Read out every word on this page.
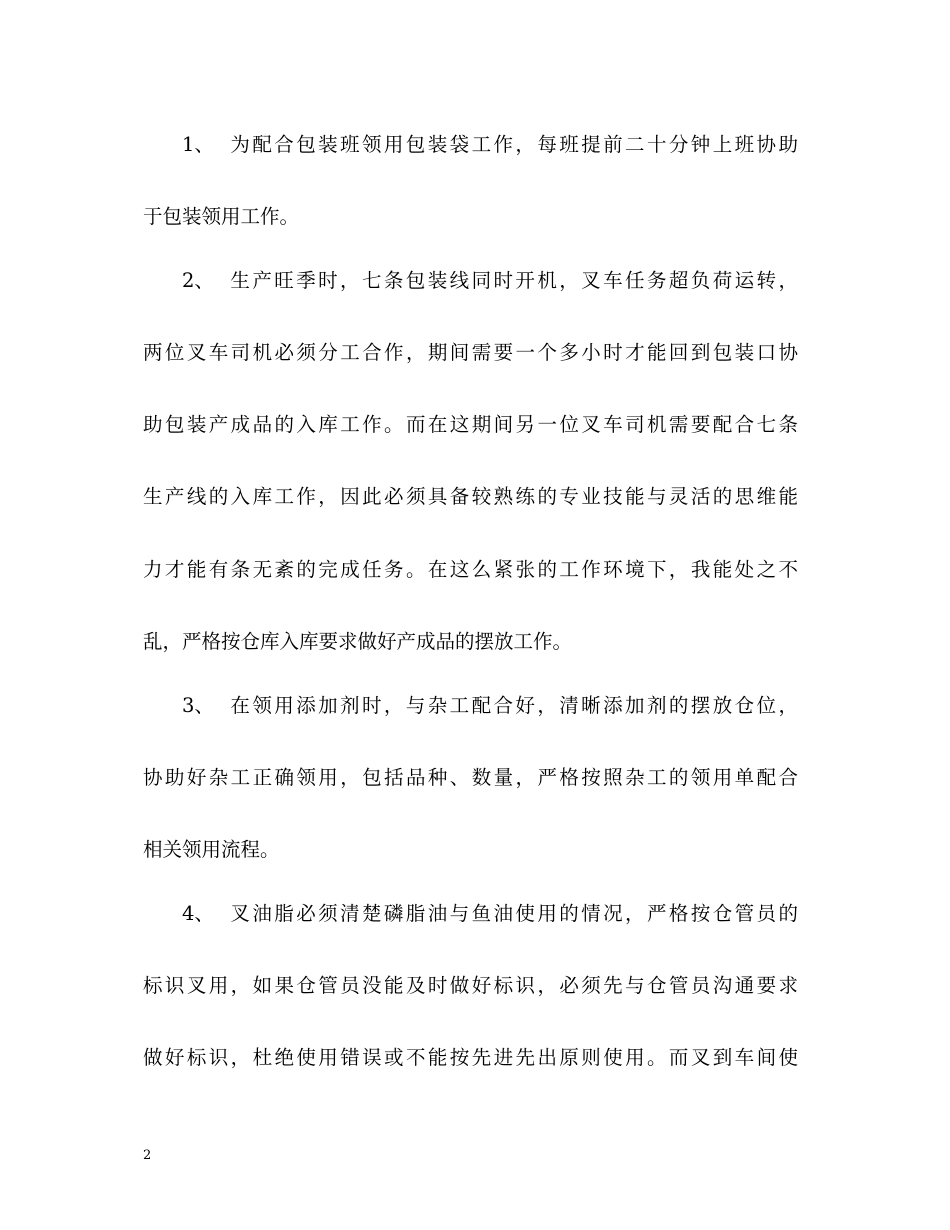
1、 为配合包装班领用包装袋工作，每班提前二十分钟上班协助
于包装领用工作。
2、 生产旺季时，七条包装线同时开机，叉车任务超负荷运转，
两位叉车司机必须分工合作，期间需要一个多小时才能回到包装口协
助包装产成品的入库工作。而在这期间另一位叉车司机需要配合七条
生产线的入库工作，因此必须具备较熟练的专业技能与灵活的思维能
力才能有条无紊的完成任务。在这么紧张的工作环境下，我能处之不
乱，严格按仓库入库要求做好产成品的摆放工作。
3、 在领用添加剂时，与杂工配合好，清晰添加剂的摆放仓位，
协助好杂工正确领用，包括品种、数量，严格按照杂工的领用单配合
相关领用流程。
4、 叉油脂必须清楚磷脂油与鱼油使用的情况，严格按仓管员的
标识叉用，如果仓管员没能及时做好标识，必须先与仓管员沟通要求
做好标识，杜绝使用错误或不能按先进先出原则使用。而叉到车间使
2
